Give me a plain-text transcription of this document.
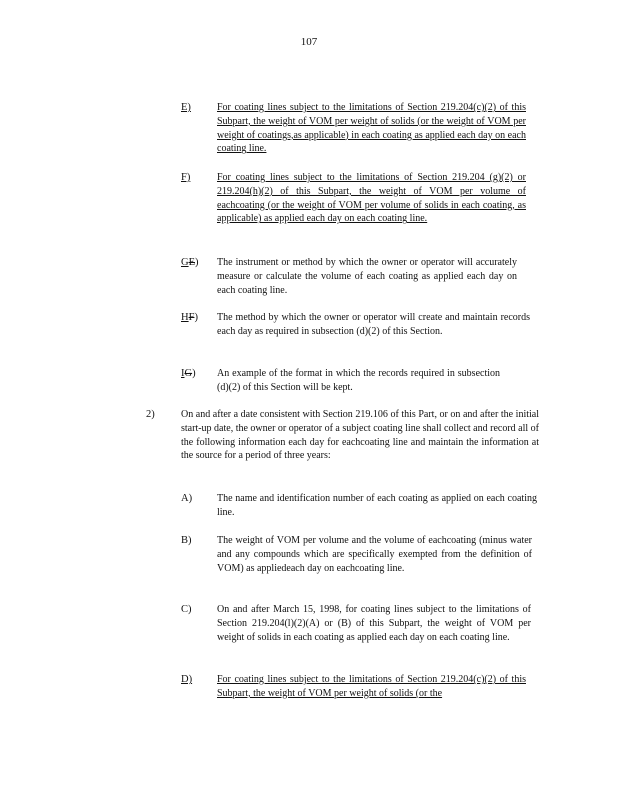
107
E)	For coating lines subject to the limitations of Section 219.204(c)(2) of this Subpart, the weight of VOM per weight of solids (or the weight of VOM per weight of coatings,as applicable) in each coating as applied each day on each coating line.
F)	For coating lines subject to the limitations of Section 219.204 (g)(2) or 219.204(h)(2) of this Subpart, the weight of VOM per volume of eachcoating (or the weight of VOM per volume of solids in each coating, as applicable) as applied each day on each coating line.
GE) The instrument or method by which the owner or operator will accurately measure or calculate the volume of each coating as applied each day on each coating line.
HF) The method by which the owner or operator will create and maintain records each day as required in subsection (d)(2) of this Section.
IG) An example of the format in which the records required in subsection (d)(2) of this Section will be kept.
2)	On and after a date consistent with Section 219.106 of this Part, or on and after the initial start-up date, the owner or operator of a subject coating line shall collect and record all of the following information each day for eachcoating line and maintain the information at the source for a period of three years:
A) The name and identification number of each coating as applied on each coating line.
B)	The weight of VOM per volume and the volume of eachcoating (minus water and any compounds which are specifically exempted from the definition of VOM) as appliedeach day on eachcoating line.
C)	On and after March 15, 1998, for coating lines subject to the limitations of Section 219.204(l)(2)(A) or (B) of this Subpart, the weight of VOM per weight of solids in each coating as applied each day on each coating line.
D) For coating lines subject to the limitations of Section 219.204(c)(2) of this Subpart, the weight of VOM per weight of solids (or the
